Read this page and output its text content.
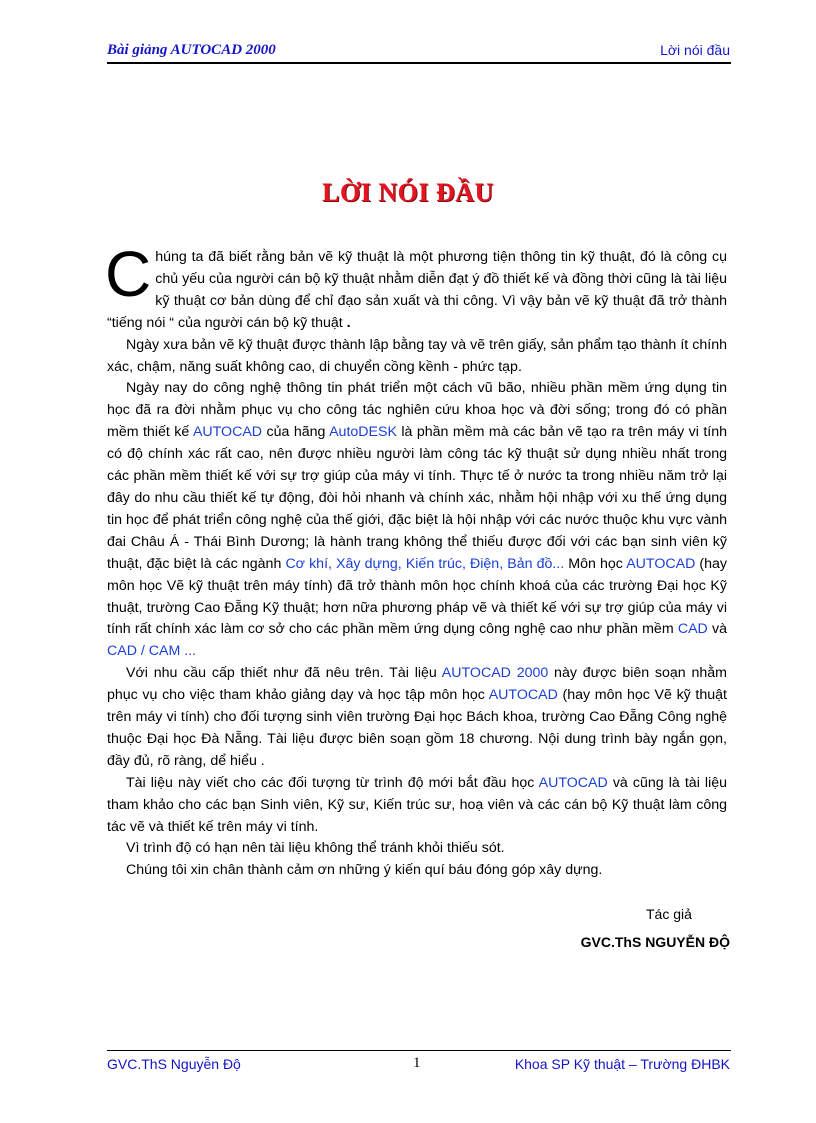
Bài giảng AUTOCAD 2000	Lời nói đầu
LỜI NÓI ĐẦU

Chúng ta đã biết rằng bản vẽ kỹ thuật là một phương tiện thông tin kỹ thuật, đó là công cụ chủ yếu của người cán bộ kỹ thuật nhằm diễn đạt ý đồ thiết kế và đồng thời cũng là tài liệu kỹ thuật cơ bản dùng để chỉ đạo sản xuất và thi công. Vì vậy bản vẽ kỹ thuật đã trở thành “tiếng nói “ của người cán bộ kỹ thuật .

Ngày xưa bản vẽ kỹ thuật được thành lập bằng tay và vẽ trên giấy, sản phẩm tạo thành ít chính xác, chậm, năng suất không cao, di chuyển cồng kềnh - phức tạp.

Ngày nay do công nghệ thông tin phát triển một cách vũ bão, nhiều phần mềm ứng dụng tin học đã ra đời nhằm phục vụ cho công tác nghiên cứu khoa học và đời sống; trong đó có phần mềm thiết kế AUTOCAD của hãng AutoDESK là phần mềm mà các bản vẽ tạo ra trên máy vi tính có độ chính xác rất cao, nên được nhiều người làm công tác kỹ thuật sử dụng nhiều nhất trong các phần mềm thiết kế với sự trợ giúp của máy vi tính. Thực tế ở nước ta trong nhiều năm trở lại đây do nhu cầu thiết kế tự động, đòi hỏi nhanh và chính xác, nhằm hội nhập với xu thế ứng dụng tin học để phát triển công nghệ của thế giới, đặc biệt là hội nhập với các nước thuộc khu vực vành đai Châu Á - Thái Bình Dương; là hành trang không thể thiếu được đối với các bạn sinh viên kỹ thuật, đặc biệt là các ngành Cơ khí, Xây dựng, Kiến trúc, Điện, Bản đồ... Môn học AUTOCAD (hay môn học Vẽ kỹ thuật trên máy tính) đã trở thành môn học chính khoá của các trường Đại học Kỹ thuật, trường Cao Đẵng Kỹ thuật; hơn nữa phương pháp vẽ và thiết kế với sự trợ giúp của máy vi tính rất chính xác làm cơ sở cho các phần mềm ứng dụng công nghệ cao như phần mềm CAD và CAD / CAM ...

Với nhu cầu cấp thiết như đã nêu trên. Tài liệu AUTOCAD 2000 này được biên soạn nhằm phục vụ cho việc tham khảo giảng dạy và học tập môn học AUTOCAD (hay môn học Vẽ kỹ thuật trên máy vi tính) cho đối tượng sinh viên trường Đại học Bách khoa, trường Cao Đẵng Công nghệ thuộc Đại học Đà Nẵng. Tài liệu được biên soạn gồm 18 chương. Nội dung trình bày ngắn gọn, đầy đủ, rõ ràng, dể hiểu .

Tài liệu này viết cho các đối tượng từ trình độ mới bắt đầu học AUTOCAD và cũng là tài liệu tham khảo cho các bạn Sinh viên, Kỹ sư, Kiến trúc sư, hoạ viên và các cán bộ Kỹ thuật làm công tác vẽ và thiết kế trên máy vi tính.

Vì trình độ có hạn nên tài liệu không thể tránh khỏi thiếu sót.

Chúng tôi xin chân thành cảm ơn những ý kiến quí báu đóng góp xây dựng.

Tác giả
GVC.ThS NGUYỄN ĐỘ
GVC.ThS Nguyễn Độ	1	Khoa SP Kỹ thuật – Trường ĐHBK
